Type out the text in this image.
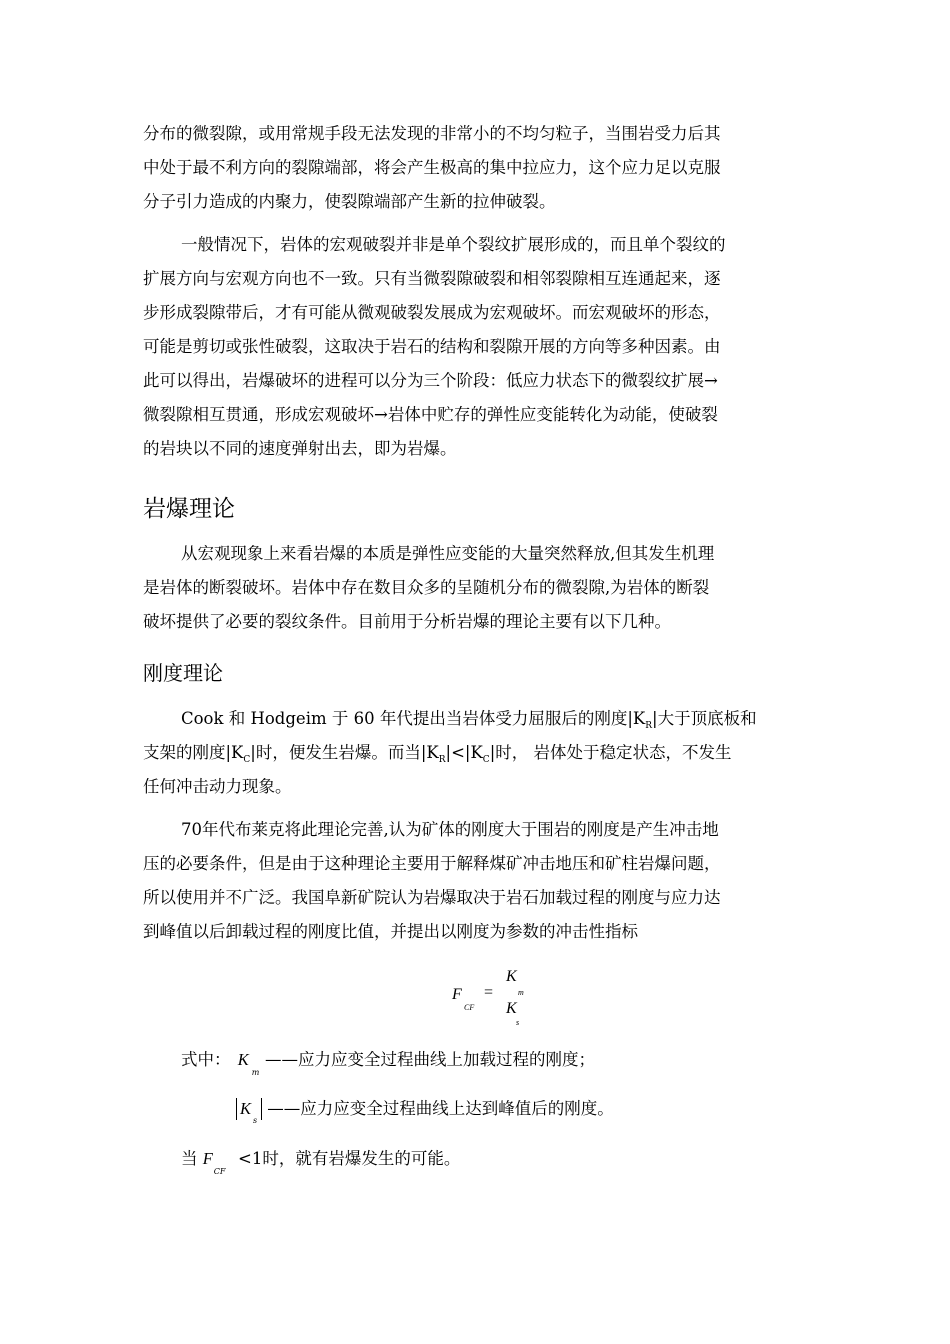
分布的微裂隙，或用常规手段无法发现的非常小的不均匀粒子，当围岩受力后其
中处于最不利方向的裂隙端部，将会产生极高的集中拉应力，这个应力足以克服
分子引力造成的内聚力，使裂隙端部产生新的拉伸破裂。

一般情况下，岩体的宏观破裂并非是单个裂纹扩展形成的，而且单个裂纹的
扩展方向与宏观方向也不一致。只有当微裂隙破裂和相邻裂隙相互连通起来，逐
步形成裂隙带后，才有可能从微观破裂发展成为宏观破坏。而宏观破坏的形态，
可能是剪切或张性破裂，这取决于岩石的结构和裂隙开展的方向等多种因素。由
此可以得出，岩爆破坏的进程可以分为三个阶段：低应力状态下的微裂纹扩展→
微裂隙相互贯通，形成宏观破坏→岩体中贮存的弹性应变能转化为动能，使破裂
的岩块以不同的速度弹射出去，即为岩爆。

岩爆理论

从宏观现象上来看岩爆的本质是弹性应变能的大量突然释放,但其发生机理
是岩体的断裂破坏。岩体中存在数目众多的呈随机分布的微裂隙,为岩体的断裂
破坏提供了必要的裂纹条件。目前用于分析岩爆的理论主要有以下几种。

刚度理论

Cook 和 Hodgeim 于 60 年代提出当岩体受力屈服后的刚度$|K_R|$大于顶底板和
支架的刚度$|K_C|$时，便发生岩爆。而当$|K_R|<|K_C|$时， 岩体处于稳定状态，不发生
任何冲击动力现象。

70年代布莱克将此理论完善,认为矿体的刚度大于围岩的刚度是产生冲击地
压的必要条件，但是由于这种理论主要用于解释煤矿冲击地压和矿柱岩爆问题，
所以使用并不广泛。我国阜新矿院认为岩爆取决于岩石加载过程的刚度与应力达
到峰值以后卸载过程的刚度比值，并提出以刚度为参数的冲击性指标

F
CF
=
K
m
K
s
式中： K
m
——应力应变全过程曲线上加载过程的刚度；
K
s
——应力应变全过程曲线上达到峰值后的刚度。
当 F
CF
<1时，就有岩爆发生的可能。
